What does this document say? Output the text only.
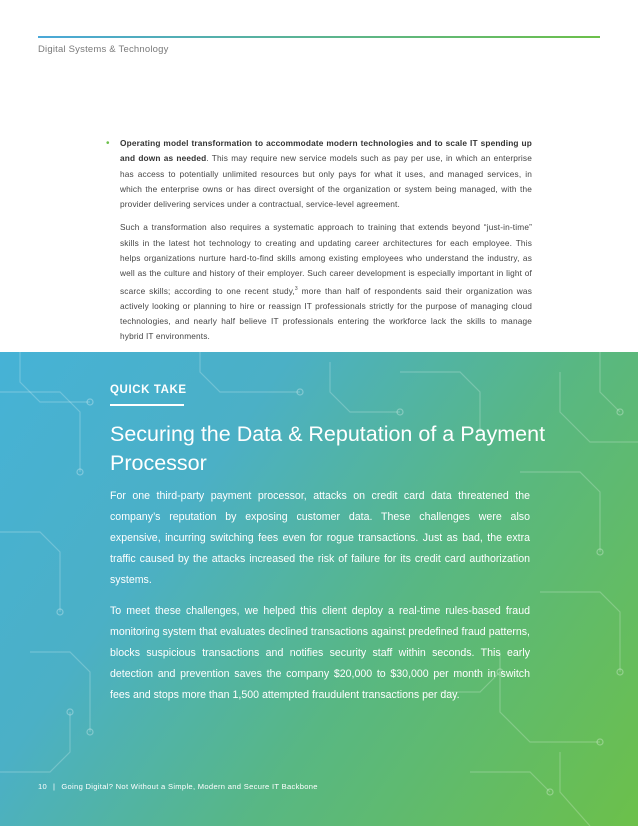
Digital Systems & Technology
•	Operating model transformation to accommodate modern technologies and to scale IT spending up and down as needed. This may require new service models such as pay per use, in which an enterprise has access to potentially unlimited resources but only pays for what it uses, and managed services, in which the enterprise owns or has direct oversight of the organization or system being managed, with the provider delivering services under a contractual, service-level agreement.

Such a transformation also requires a systematic approach to training that extends beyond “just-in-time” skills in the latest hot technology to creating and updating career architectures for each employee. This helps organizations nurture hard-to-find skills among existing employees who understand the industry, as well as the culture and history of their employer. Such career development is especially important in light of scarce skills; according to one recent study,$^3$ more than half of respondents said their organization was actively looking or planning to hire or reassign IT professionals strictly for the purpose of managing cloud technologies, and nearly half believe IT professionals entering the workforce lack the skills to manage hybrid IT environments.

QUICK TAKE
Securing the Data & Reputation of a Payment Processor

For one third-party payment processor, attacks on credit card data threatened the company’s reputation by exposing customer data. These challenges were also expensive, incurring switching fees even for rogue transactions. Just as bad, the extra traffic caused by the attacks increased the risk of failure for its credit card authorization systems.

To meet these challenges, we helped this client deploy a real-time rules-based fraud monitoring system that evaluates declined transactions against predefined fraud patterns, blocks suspicious transactions and notifies security staff within seconds. This early detection and prevention saves the company $20,000 to $30,000 per month in switch fees and stops more than 1,500 attempted fraudulent transactions per day.

10 | Going Digital? Not Without a Simple, Modern and Secure IT Backbone
